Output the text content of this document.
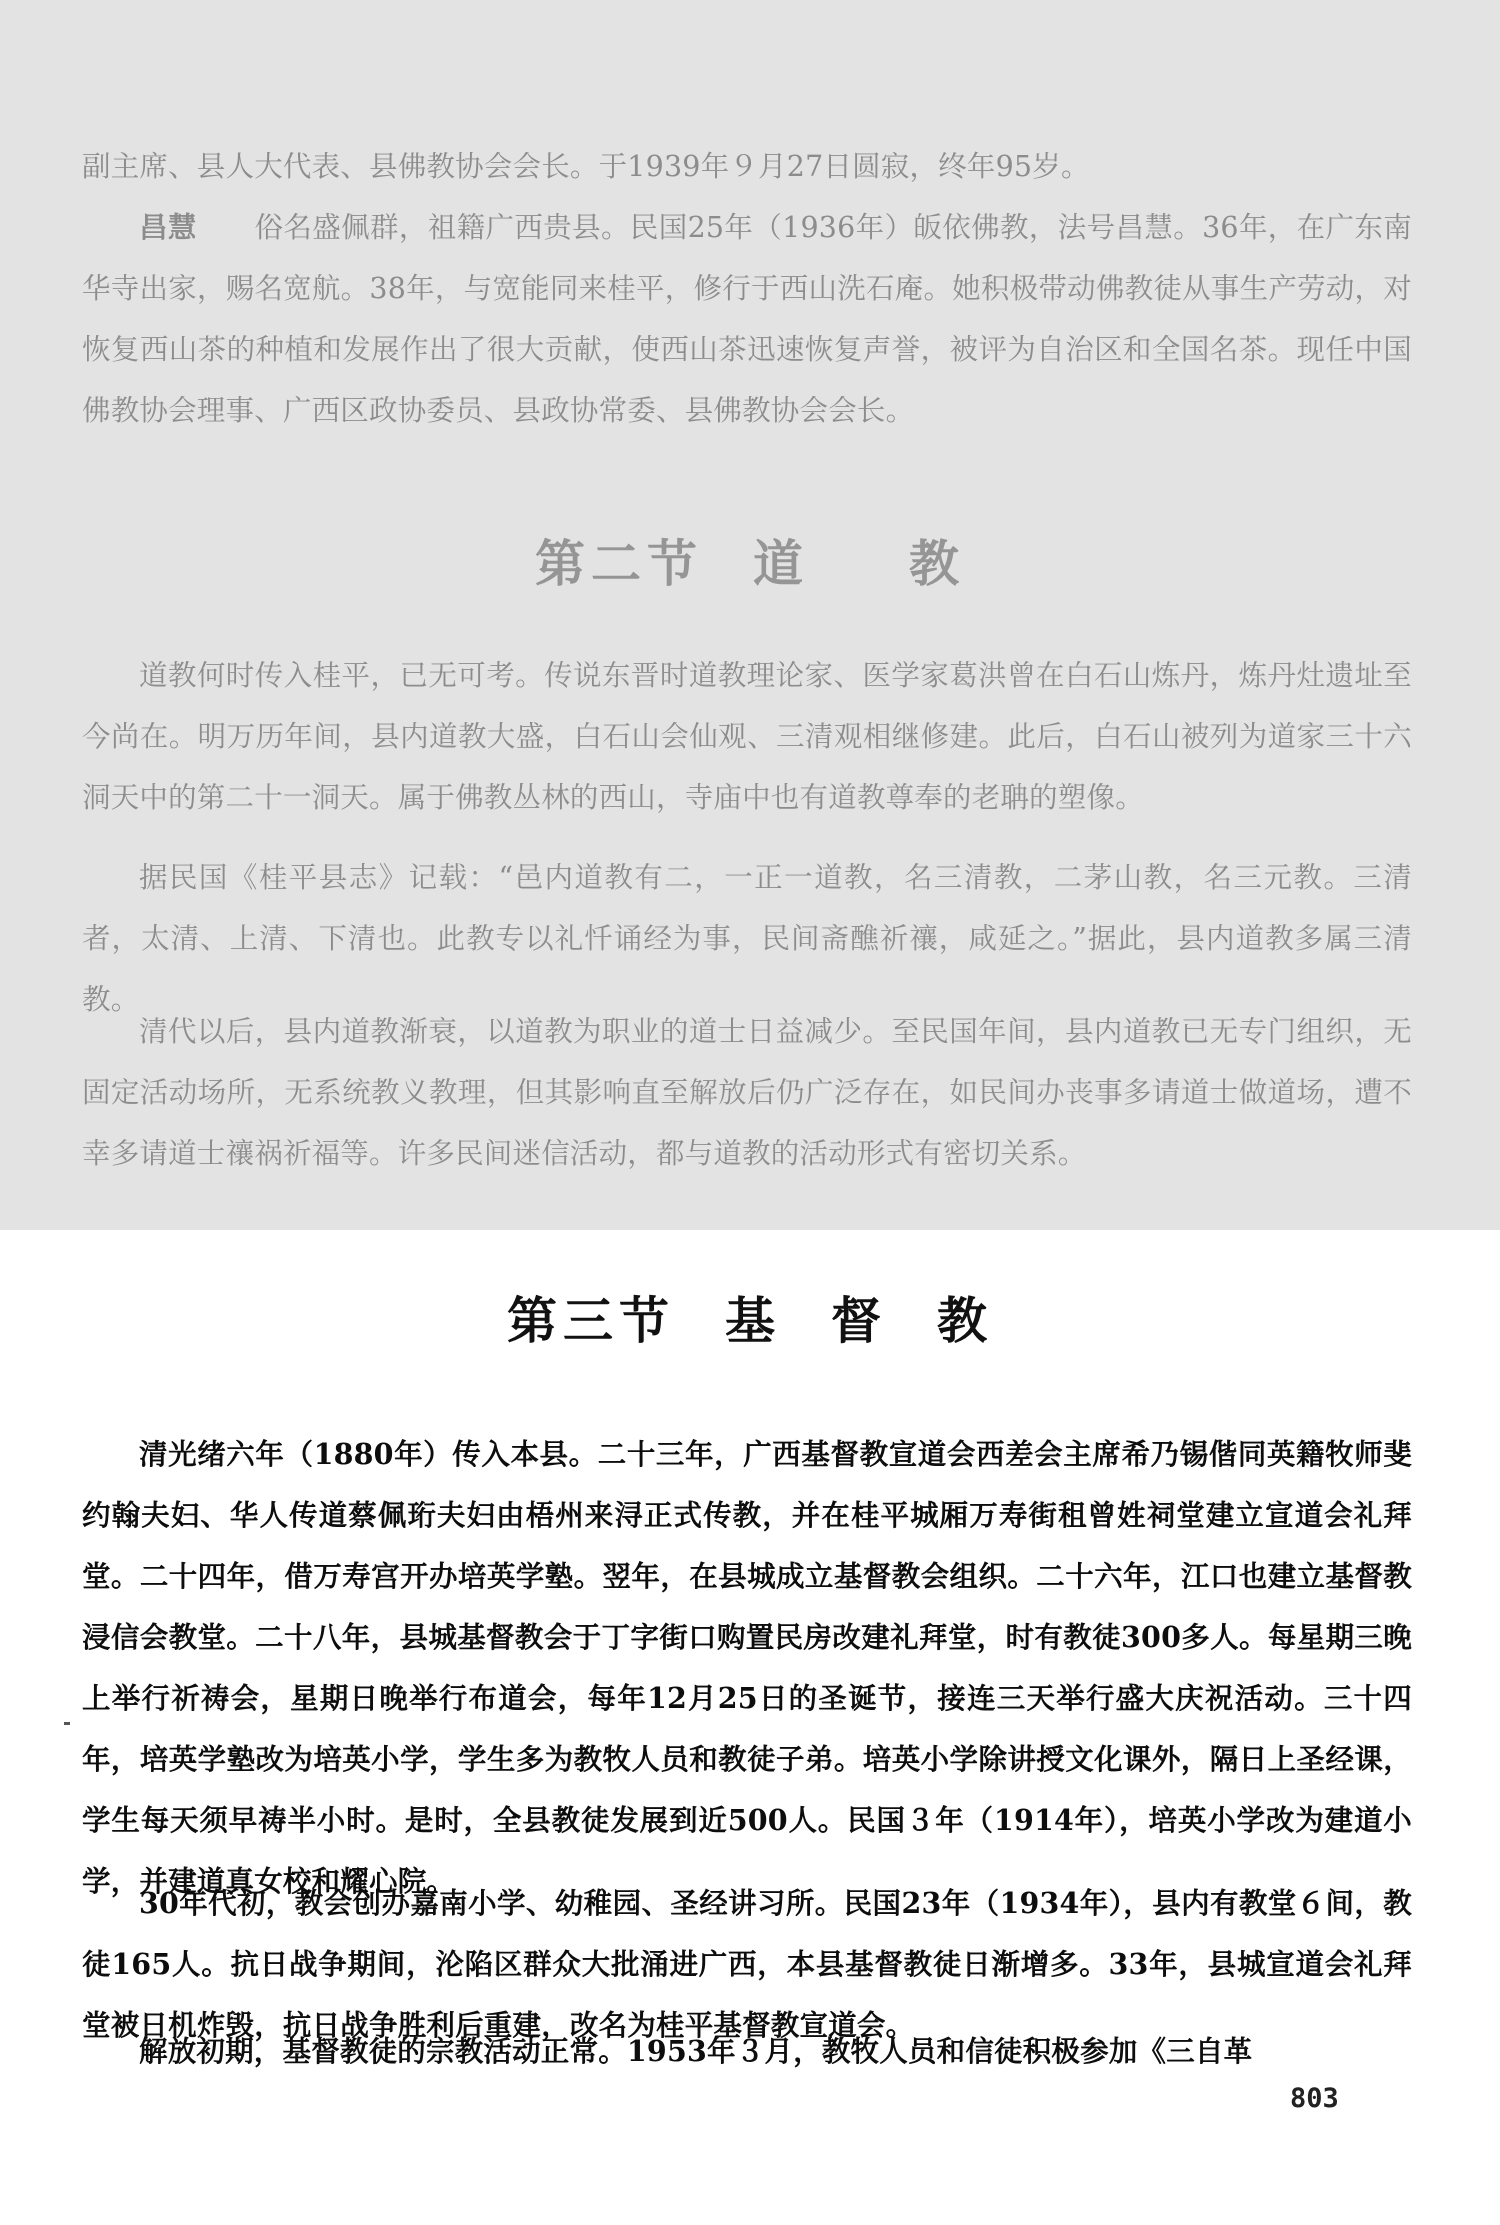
副主席、县人大代表、县佛教协会会长。于1939年９月27日圆寂，终年95岁。

昌慧　　 俗名盛佩群，祖籍广西贵县。民国25年（1936年）皈依佛教，法号昌慧。36年，在广东南华寺出家，赐名宽航。38年，与宽能同来桂平，修行于西山洗石庵。她积极带动佛教徒从事生产劳动，对恢复西山茶的种植和发展作出了很大贡献，使西山茶迅速恢复声誉，被评为自治区和全国名茶。现任中国佛教协会理事、广西区政协委员、县政协常委、县佛教协会会长。

第二节 道 教

道教何时传入桂平，已无可考。传说东晋时道教理论家、医学家葛洪曾在白石山炼丹，炼丹灶遗址至今尚在。明万历年间，县内道教大盛，白石山会仙观、三清观相继修建。此后，白石山被列为道家三十六洞天中的第二十一洞天。属于佛教丛林的西山，寺庙中也有道教尊奉的老聃的塑像。

据民国《桂平县志》记载：“邑内道教有二，一正一道教，名三清教，二茅山教，名三元教。三清者，太清、上清、下清也。此教专以礼忏诵经为事，民间斋醮祈禳，咸延之。”据此，县内道教多属三清教。

清代以后，县内道教渐衰，以道教为职业的道士日益减少。至民国年间，县内道教已无专门组织，无固定活动场所，无系统教义教理，但其影响直至解放后仍广泛存在，如民间办丧事多请道士做道场，遭不幸多请道士禳祸祈福等。许多民间迷信活动，都与道教的活动形式有密切关系。

第三节 基 督 教

清光绪六年（1880年）传入本县。二十三年，广西基督教宣道会西差会主席希乃锡偕同英籍牧师斐约翰夫妇、华人传道蔡佩珩夫妇由梧州来浔正式传教，并在桂平城厢万寿街租曾姓祠堂建立宣道会礼拜堂。二十四年，借万寿宫开办培英学塾。翌年，在县城成立基督教会组织。二十六年，江口也建立基督教浸信会教堂。二十八年，县城基督教会于丁字街口购置民房改建礼拜堂，时有教徒300多人。每星期三晚上举行祈祷会，星期日晚举行布道会，每年12月25日的圣诞节，接连三天举行盛大庆祝活动。三十四年，培英学塾改为培英小学，学生多为教牧人员和教徒子弟。培英小学除讲授文化课外，隔日上圣经课，学生每天须早祷半小时。是时，全县教徒发展到近500人。民国３年（1914年），培英小学改为建道小学，并建道真女校和耀心院。

30年代初，教会创办嘉南小学、幼稚园、圣经讲习所。民国23年（1934年），县内有教堂６间，教徒165人。抗日战争期间，沦陷区群众大批涌进广西，本县基督教徒日渐增多。33年，县城宣道会礼拜堂被日机炸毁，抗日战争胜利后重建，改名为桂平基督教宣道会。

解放初期，基督教徒的宗教活动正常。1953年３月，教牧人员和信徒积极参加《三自革

803
